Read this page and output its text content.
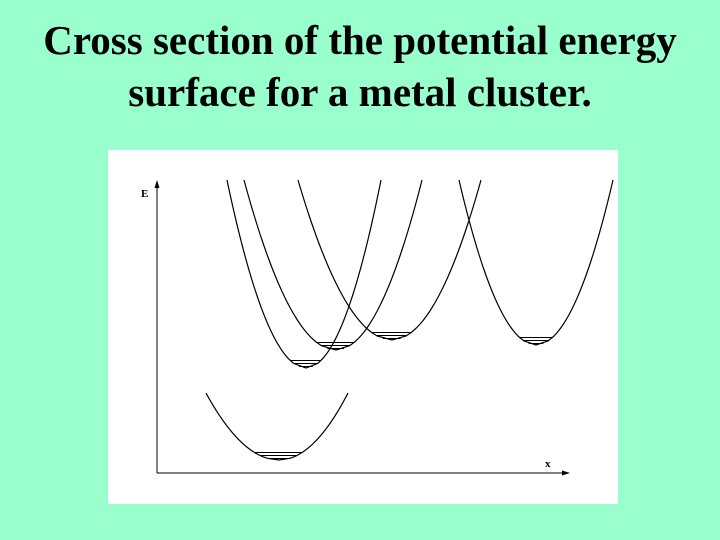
Cross section of the potential energy
surface for a metal cluster.
E
x
